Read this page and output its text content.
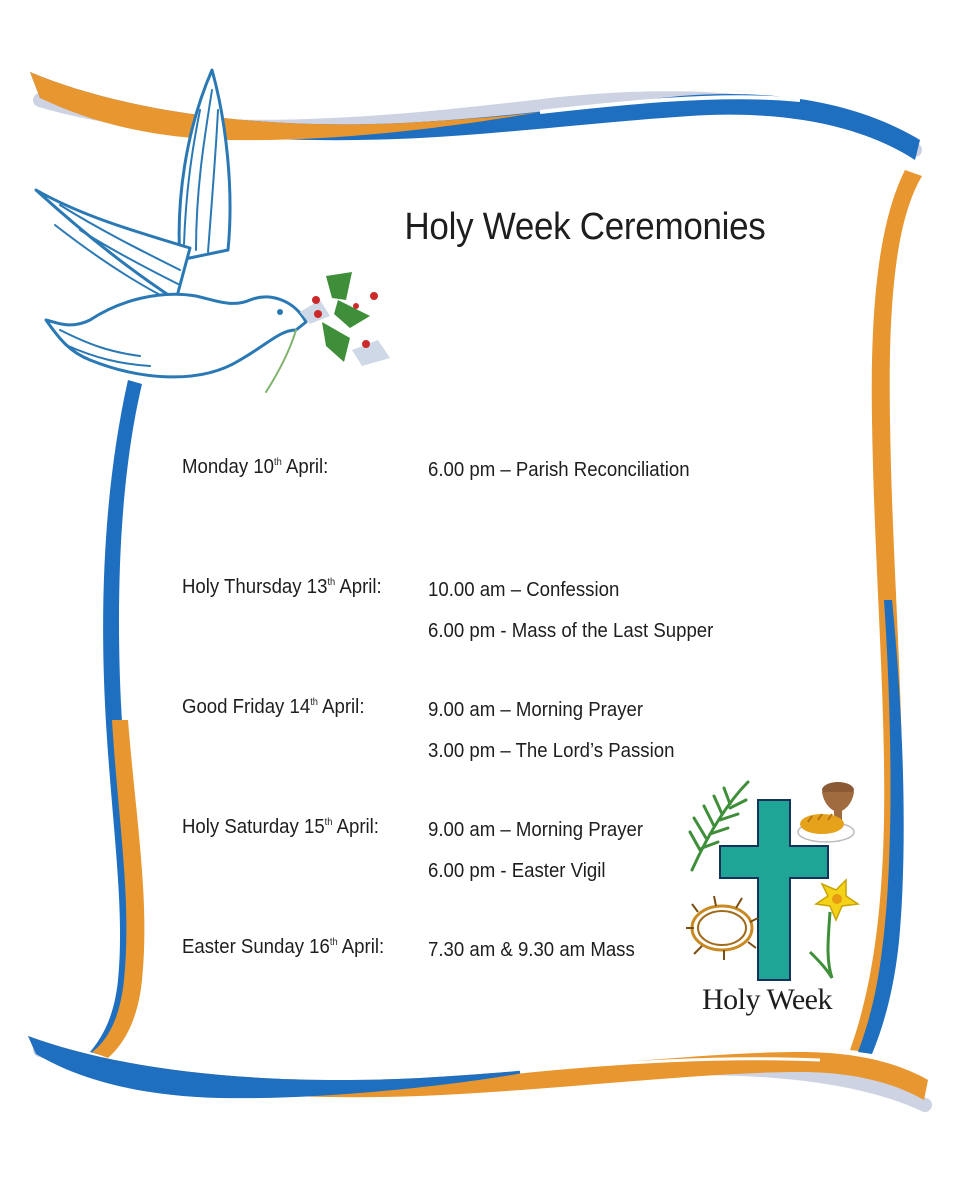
Holy Week Ceremonies
Monday 10th April:	6.00 pm – Parish Reconciliation
Holy Thursday 13th April: 10.00 am – Confession
6.00 pm - Mass of the Last Supper
Good Friday 14th April:	9.00 am – Morning Prayer
3.00 pm – The Lord’s Passion
Holy Saturday 15th April: 9.00 am – Morning Prayer
6.00 pm - Easter Vigil
Easter Sunday 16th April: 7.30 am & 9.30 am Mass
Holy Week
